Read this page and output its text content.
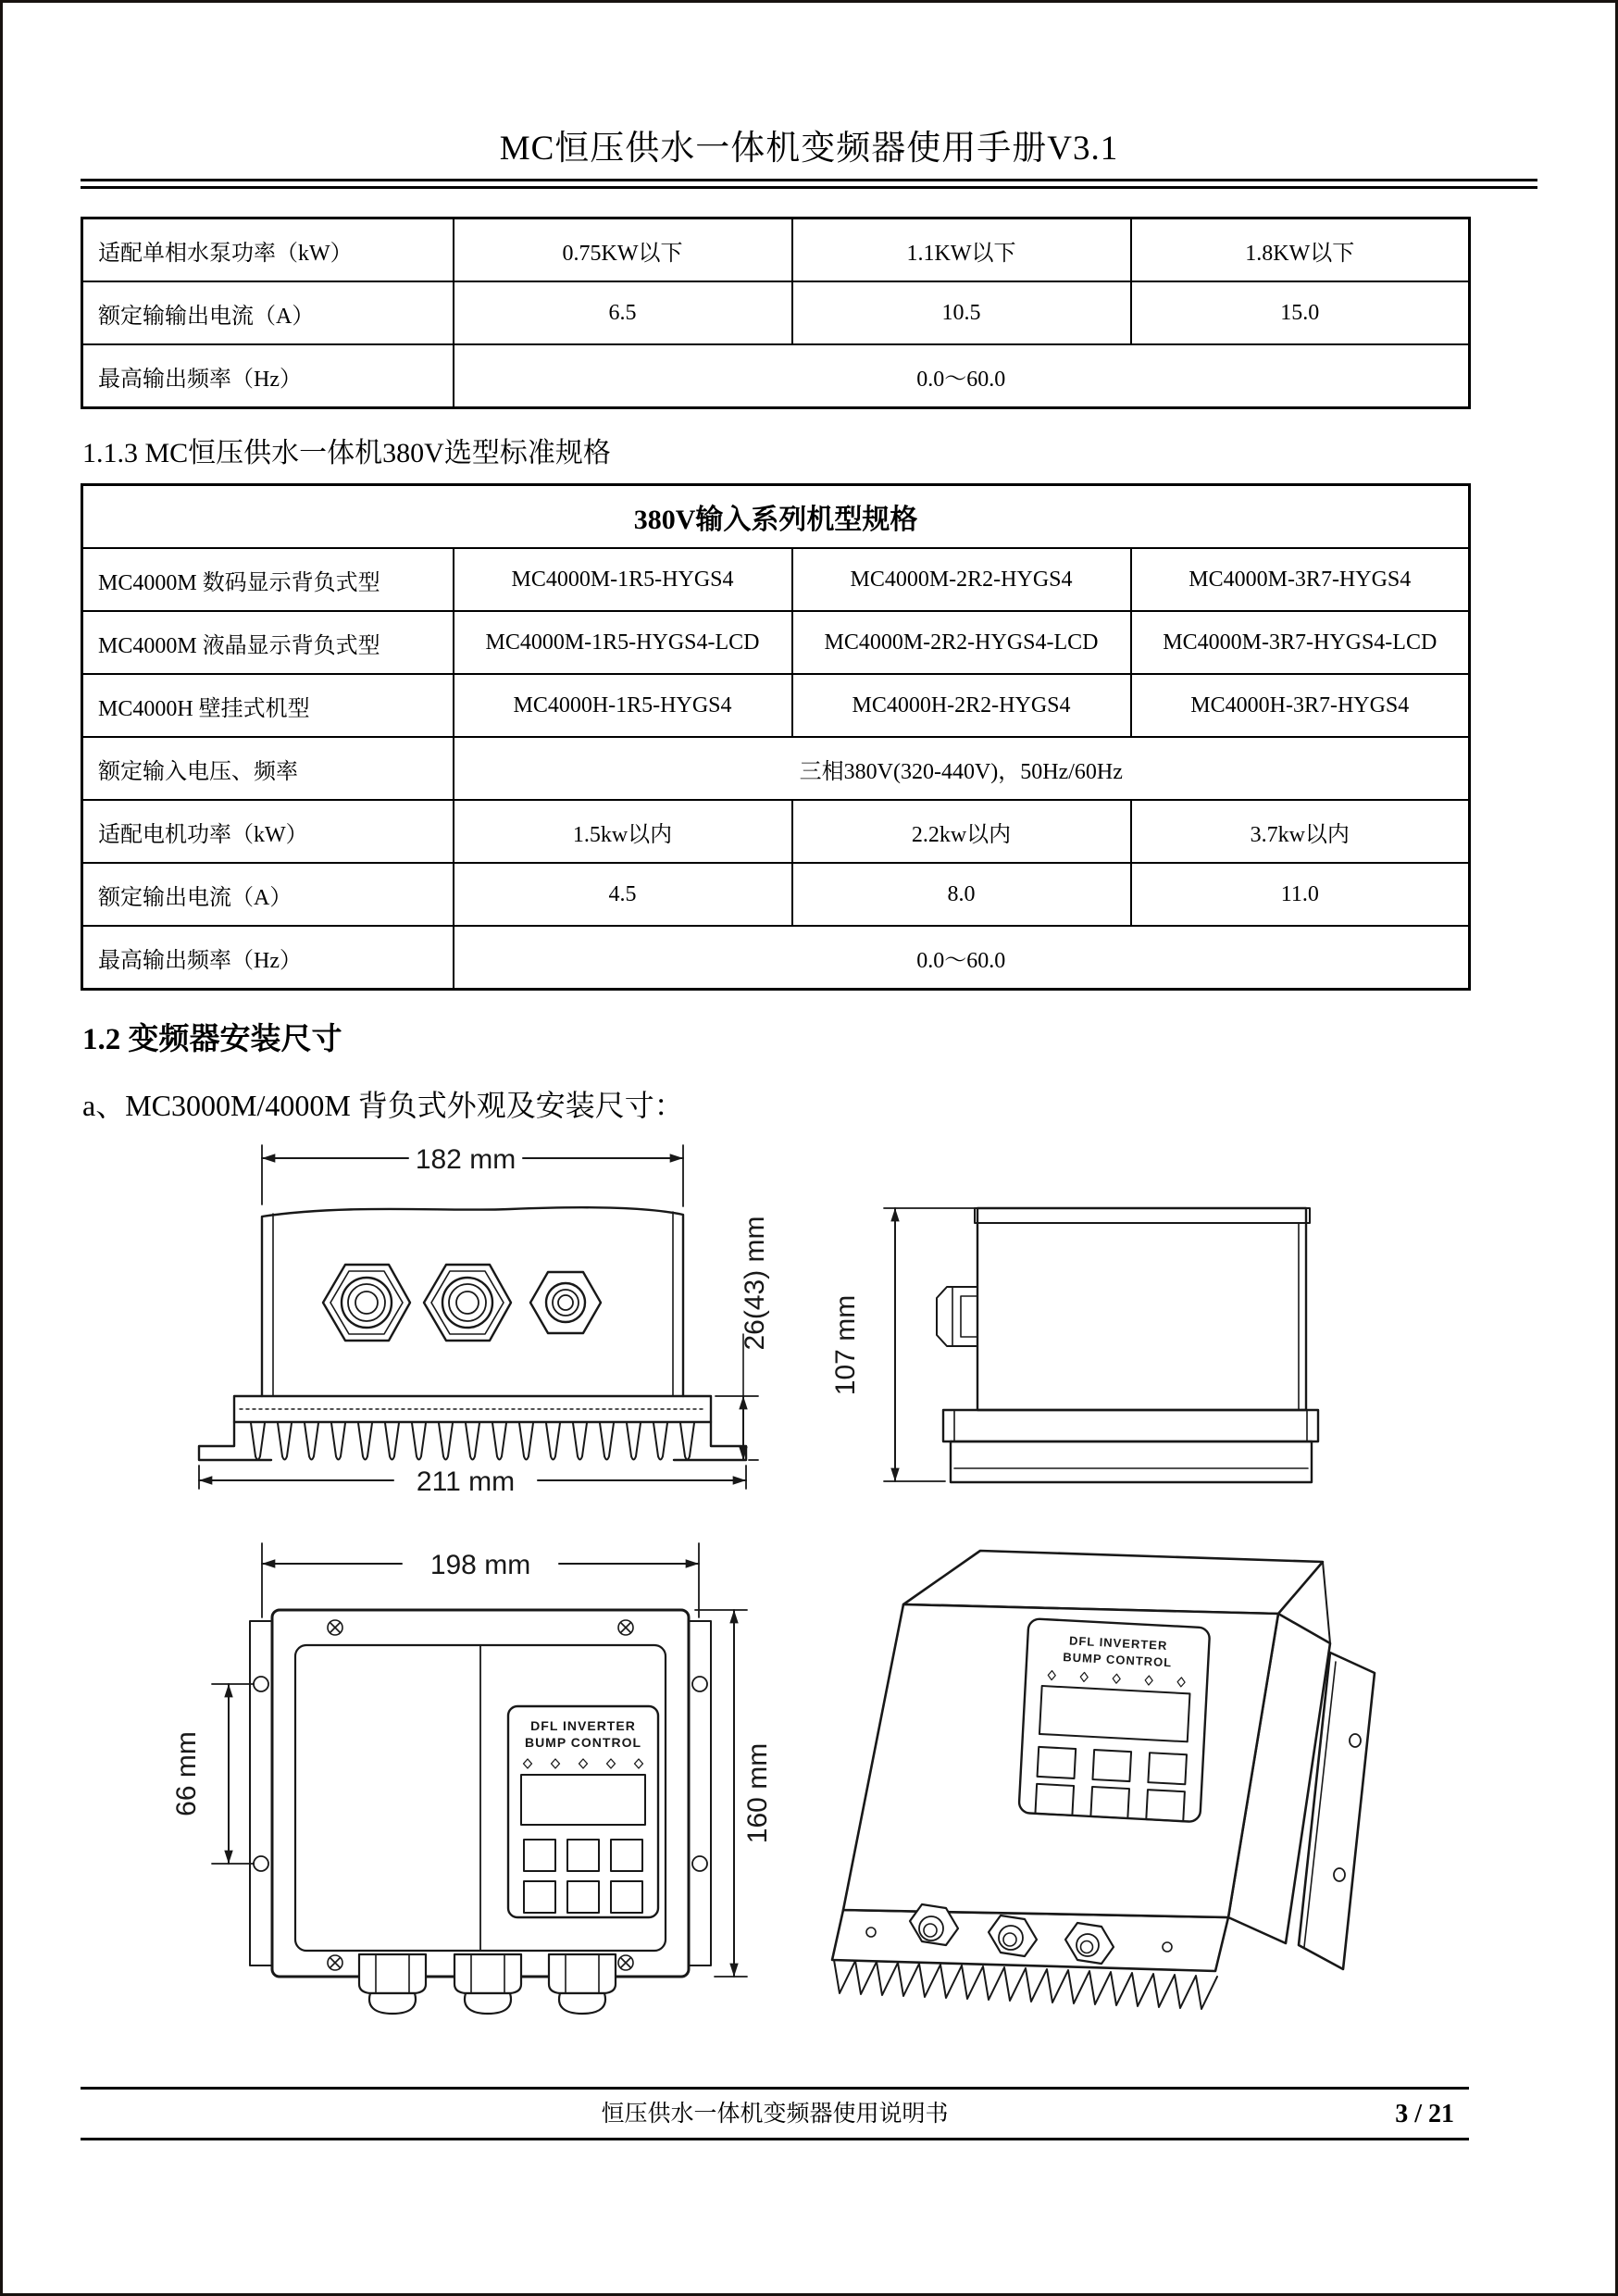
MC恒压供水一体机变频器使用手册V3.1
适配单相水泵功率（kW）	0.75KW以下	1.1KW以下	1.8KW以下
额定输输出电流（A）	6.5	10.5	15.0
最高输出频率（Hz）	0.0～60.0		
1.1.3 MC恒压供水一体机380V选型标准规格
380V输入系列机型规格			
MC4000M 数码显示背负式型	MC4000M-1R5-HYGS4	MC4000M-2R2-HYGS4	MC4000M-3R7-HYGS4
MC4000M 液晶显示背负式型	MC4000M-1R5-HYGS4-LCD	MC4000M-2R2-HYGS4-LCD	MC4000M-3R7-HYGS4-LCD
MC4000H 壁挂式机型	MC4000H-1R5-HYGS4	MC4000H-2R2-HYGS4	MC4000H-3R7-HYGS4
额定输入电压、频率	三相380V(320-440V)，50Hz/60Hz		
适配电机功率（kW）	1.5kw以内	2.2kw以内	3.7kw以内
额定输出电流（A）	4.5	8.0	11.0
最高输出频率（Hz）	0.0～60.0		
1.2 变频器安装尺寸
a、MC3000M/4000M 背负式外观及安装尺寸：
182 mm
26(43) mm
211 mm
107 mm
198 mm
66 mm	160 mm
DFL INVERTER
BUMP CONTROL
DFL INVERTER
BUMP CONTROL
恒压供水一体机变频器使用说明书	3 / 21
